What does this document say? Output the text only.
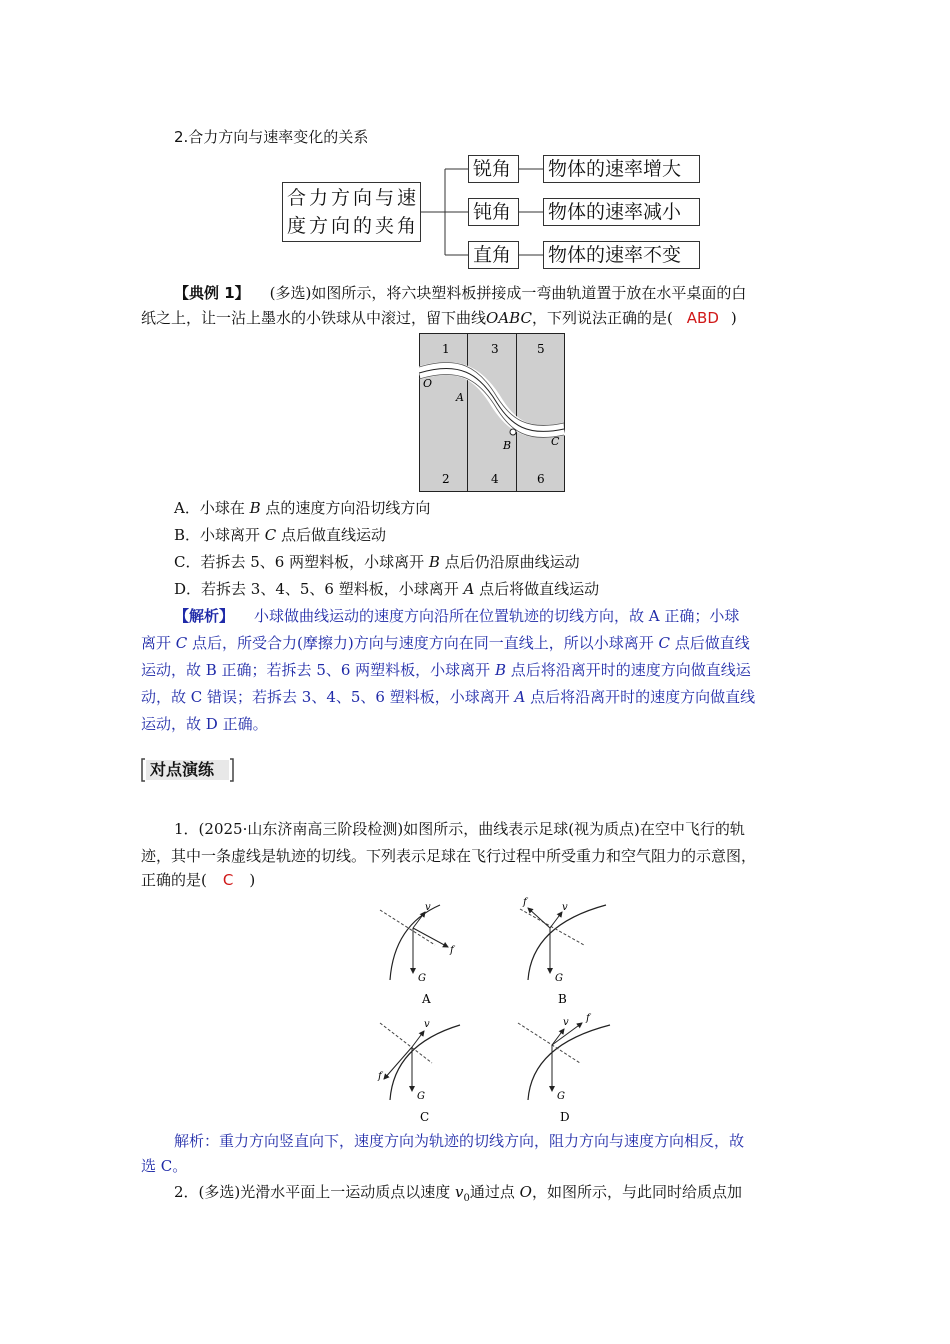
2.合力方向与速率变化的关系
合力方向与速
度方向的夹角
锐角
钝角
直角
物体的速率增大
物体的速率减小
物体的速率不变
【典例 1】 (多选)如图所示，将六块塑料板拼接成一弯曲轨道置于放在水平桌面的白
纸之上，让一沾上墨水的小铁球从中滚过，留下曲线OABC，下列说法正确的是( ABD )
1
2
3
4
5
6
O
A
B	C
A．小球在 B 点的速度方向沿切线方向
B．小球离开 C 点后做直线运动
C．若拆去 5、6 两塑料板，小球离开 B 点后仍沿原曲线运动
D．若拆去 3、4、5、6 塑料板，小球离开 A 点后将做直线运动
【解析】 小球做曲线运动的速度方向沿所在位置轨迹的切线方向，故 A 正确；小球
离开 C 点后，所受合力(摩擦力)方向与速度方向在同一直线上，所以小球离开 C 点后做直线
运动，故 B 正确；若拆去 5、6 两塑料板，小球离开 B 点后将沿离开时的速度方向做直线运
动，故 C 错误；若拆去 3、4、5、6 塑料板，小球离开 A 点后将沿离开时的速度方向做直线
运动，故 D 正确。
对点演练
1．(2025·山东济南高三阶段检测)如图所示，曲线表示足球(视为质点)在空中飞行的轨
迹，其中一条虚线是轨迹的切线。下列表示足球在飞行过程中所受重力和空气阻力的示意图，
正确的是( C )
v
f
G
A
v
f
G
B
v
f
G
C
v f
G
D
解析：重力方向竖直向下，速度方向为轨迹的切线方向，阻力方向与速度方向相反，故
选 C。
2．(多选)光滑水平面上一运动质点以速度 $v_0$通过点 O，如图所示，与此同时给质点加
